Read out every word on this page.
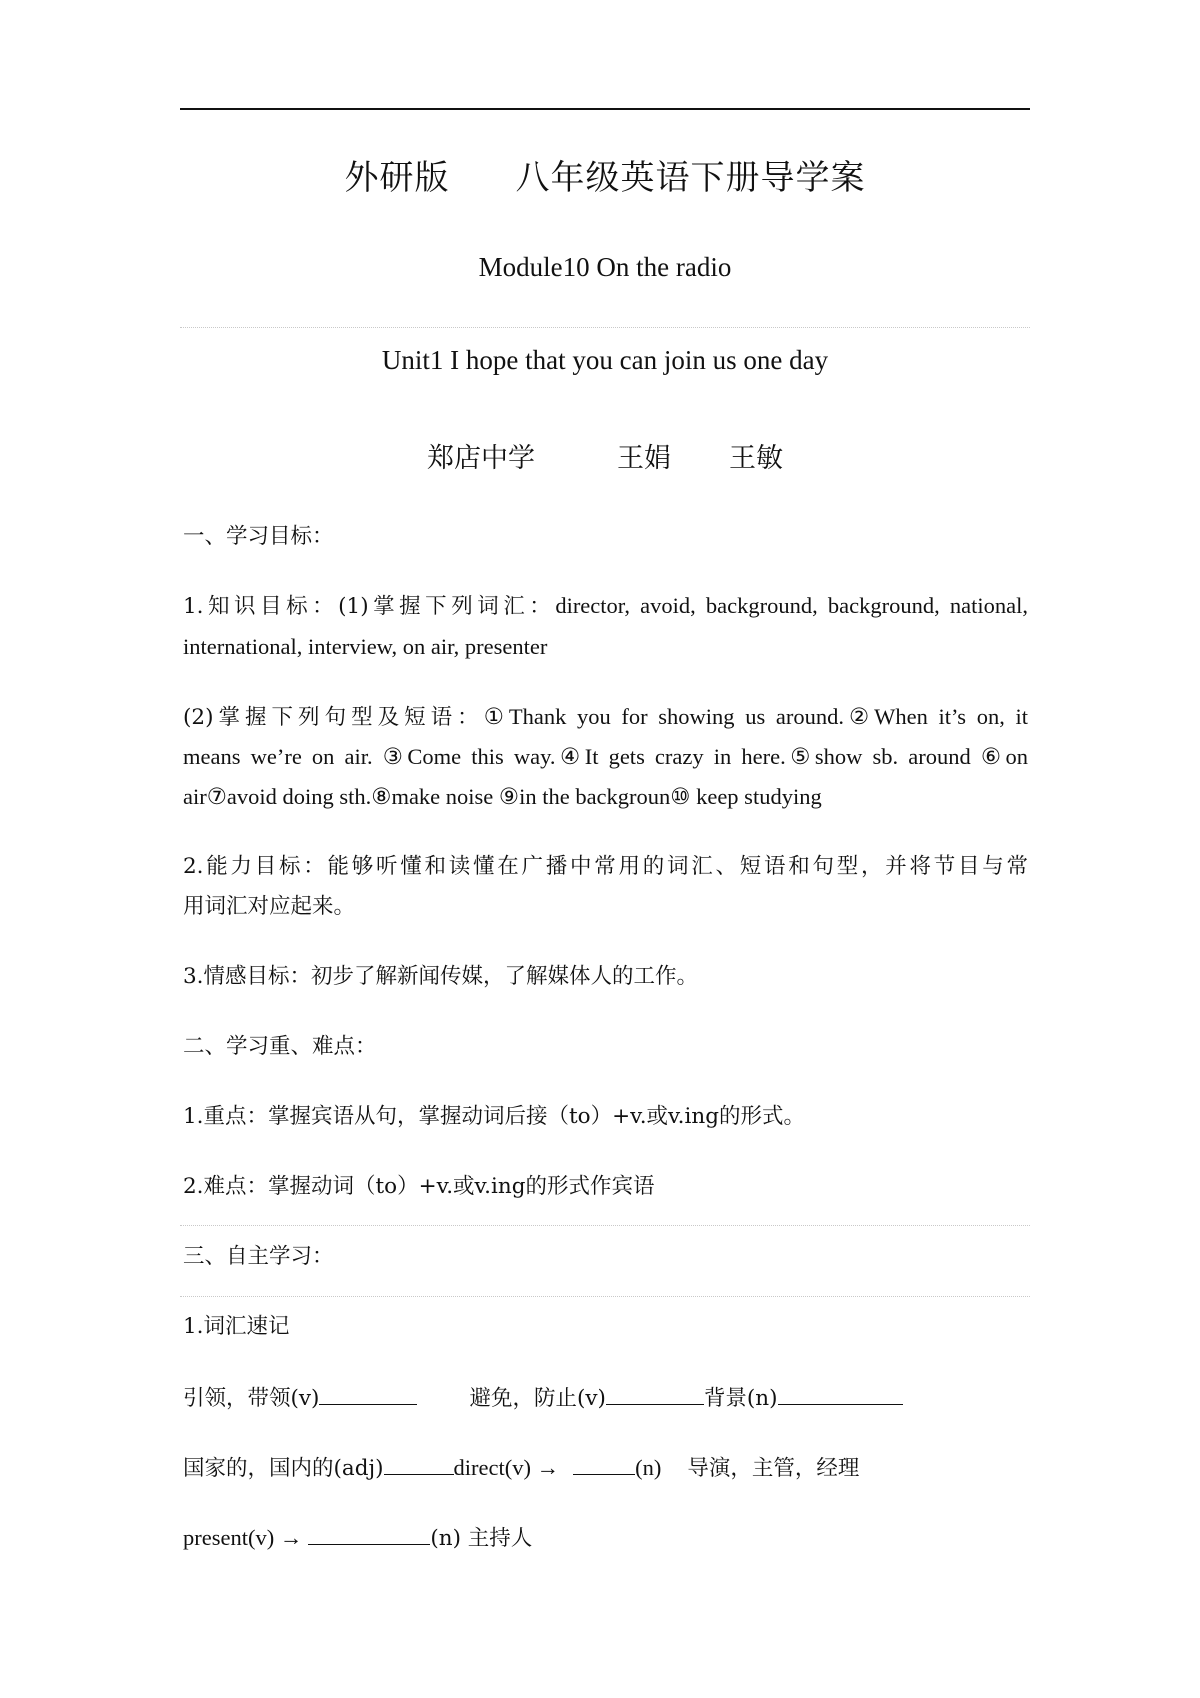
外研版 八年级英语下册导学案
Module10 On the radio
Unit1 I hope that you can join us one day
郑店中学	王娟 王敏
一、学习目标：
1.知识目标：(1)掌握下列词汇：director, avoid, background, background, national,
international, interview, on air, presenter
(2)掌握下列句型及短语：①Thank you for showing us around.②When it’s on, it
means we’re on air. ③Come this way.④It gets crazy in here.⑤show sb. around ⑥on
air⑦avoid doing sth.⑧make noise ⑨in the backgroun⑩ keep studying
2.能力目标：能够听懂和读懂在广播中常用的词汇、短语和句型，并将节目与常
用词汇对应起来。
3.情感目标：初步了解新闻传媒，了解媒体人的工作。
二、学习重、难点：
1.重点：掌握宾语从句，掌握动词后接（to）+v.或v.ing的形式。
2.难点：掌握动词（to）+v.或v.ing的形式作宾语
三、自主学习：
1.词汇速记
引领，带领(v)	避免，防止(v)	背景(n)
国家的，国内的(adj)	direct(v) →	(n) 导演，主管，经理
present(v) →	(n) 主持人
